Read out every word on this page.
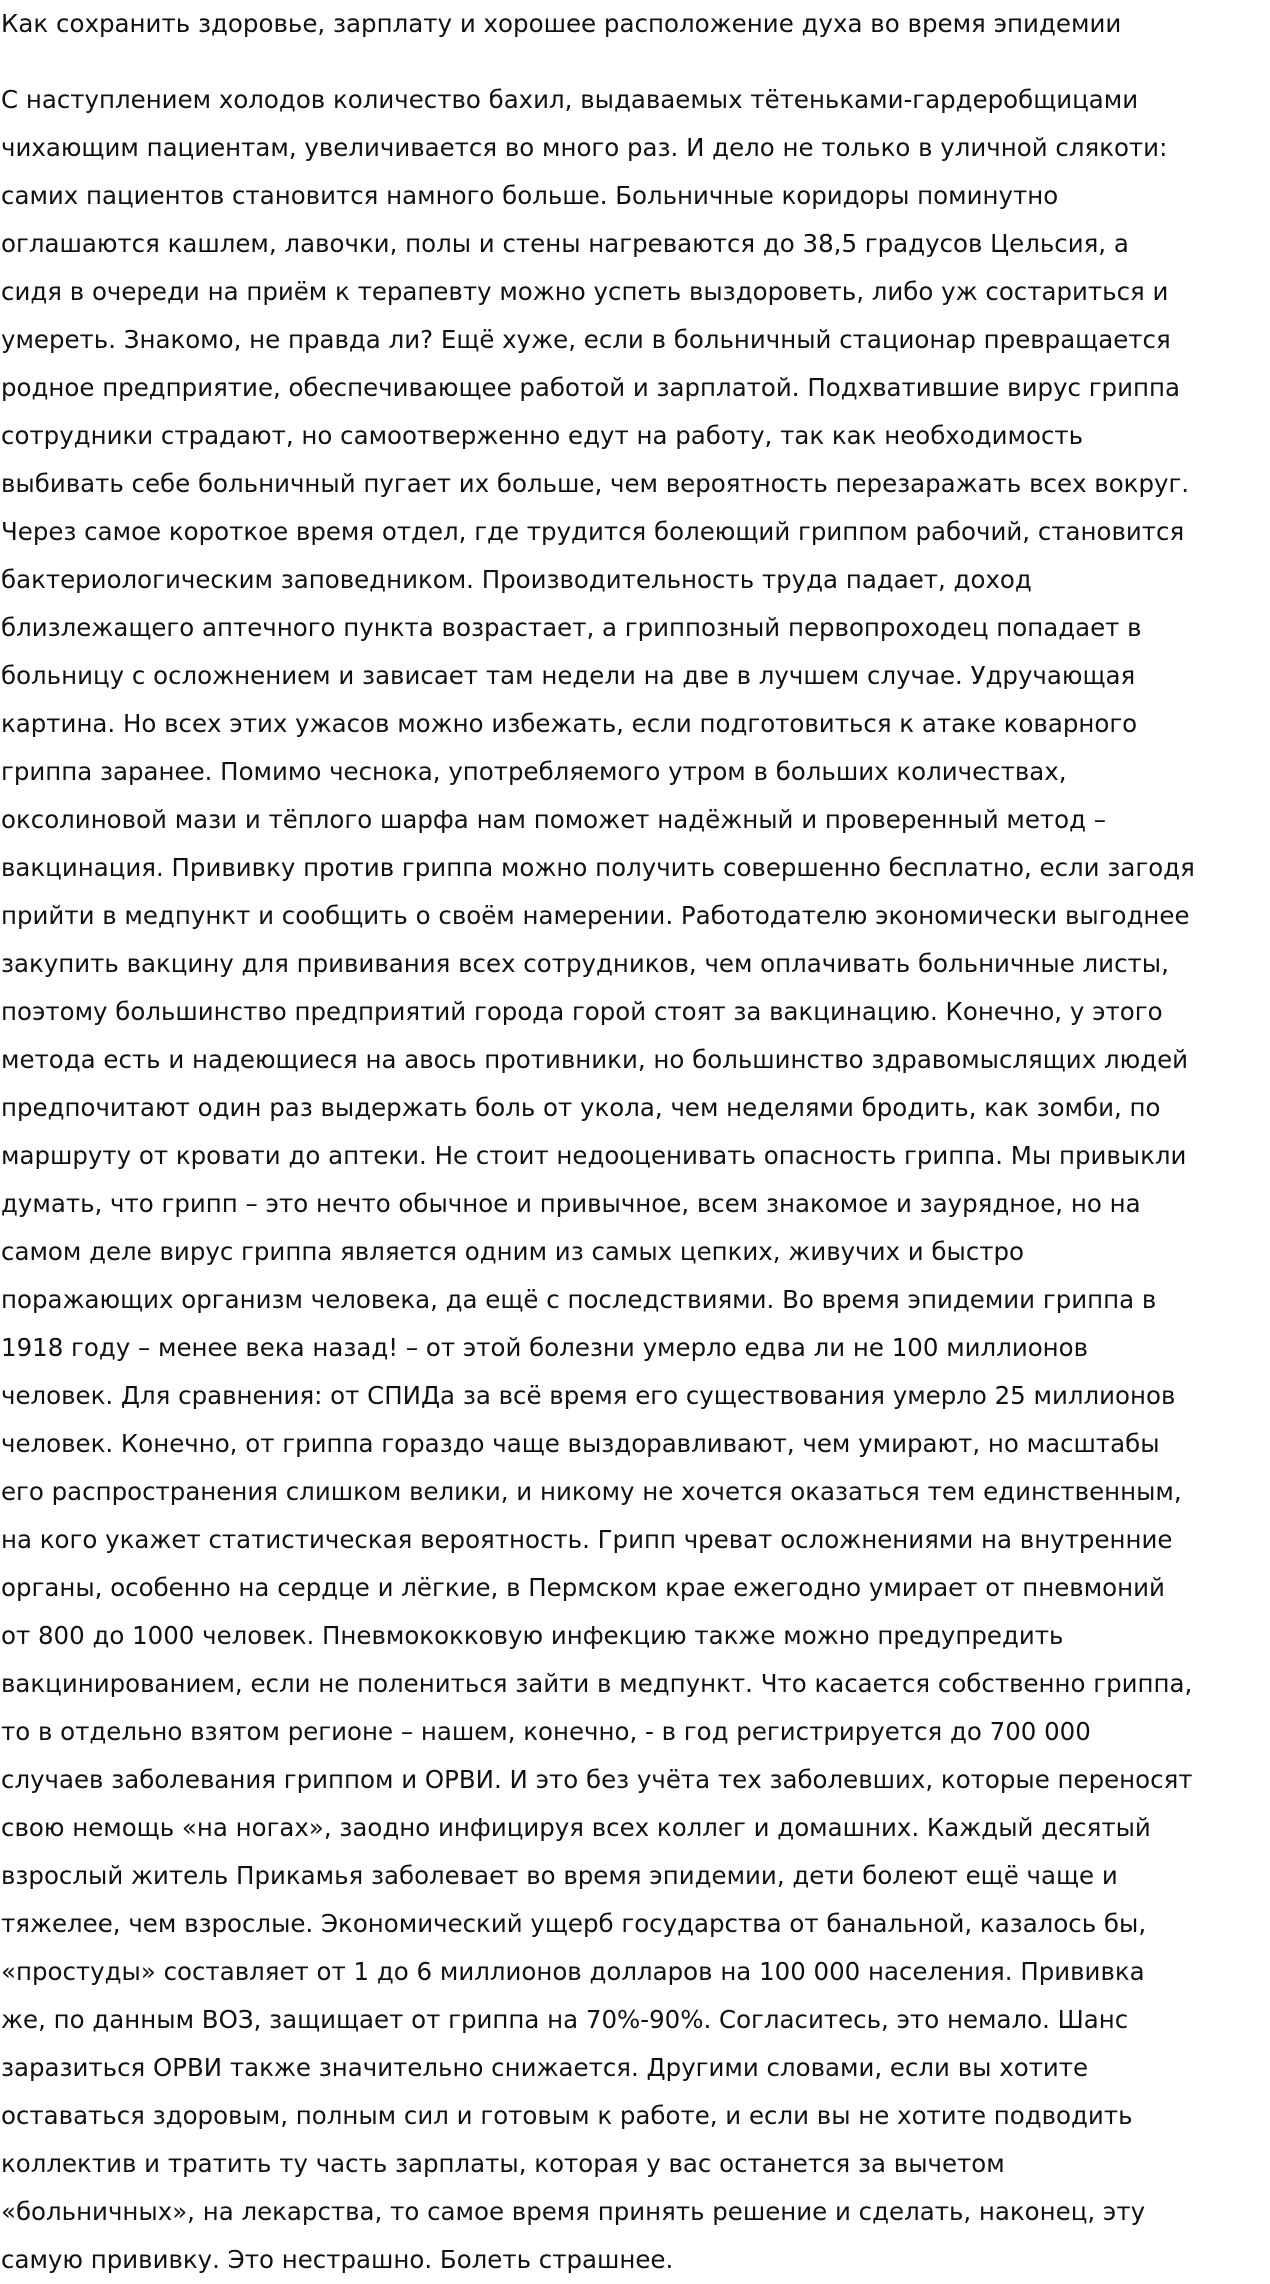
Как сохранить здоровье, зарплату и хорошее расположение духа во время эпидемии
С наступлением холодов количество бахил, выдаваемых тётеньками-гардеробщицами
чихающим пациентам, увеличивается во много раз. И дело не только в уличной слякоти:
самих пациентов становится намного больше. Больничные коридоры поминутно
оглашаются кашлем, лавочки, полы и стены нагреваются до 38,5 градусов Цельсия, а
сидя в очереди на приём к терапевту можно успеть выздороветь, либо уж состариться и
умереть. Знакомо, не правда ли? Ещё хуже, если в больничный стационар превращается
родное предприятие, обеспечивающее работой и зарплатой. Подхватившие вирус гриппа
сотрудники страдают, но самоотверженно едут на работу, так как необходимость
выбивать себе больничный пугает их больше, чем вероятность перезаражать всех вокруг.
Через самое короткое время отдел, где трудится болеющий гриппом рабочий, становится
бактериологическим заповедником. Производительность труда падает, доход
близлежащего аптечного пункта возрастает, а гриппозный первопроходец попадает в
больницу с осложнением и зависает там недели на две в лучшем случае. Удручающая
картина. Но всех этих ужасов можно избежать, если подготовиться к атаке коварного
гриппа заранее. Помимо чеснока, употребляемого утром в больших количествах,
оксолиновой мази и тёплого шарфа нам поможет надёжный и проверенный метод –
вакцинация. Прививку против гриппа можно получить совершенно бесплатно, если загодя
прийти в медпункт и сообщить о своём намерении. Работодателю экономически выгоднее
закупить вакцину для прививания всех сотрудников, чем оплачивать больничные листы,
поэтому большинство предприятий города горой стоят за вакцинацию. Конечно, у этого
метода есть и надеющиеся на авось противники, но большинство здравомыслящих людей
предпочитают один раз выдержать боль от укола, чем неделями бродить, как зомби, по
маршруту от кровати до аптеки. Не стоит недооценивать опасность гриппа. Мы привыкли
думать, что грипп – это нечто обычное и привычное, всем знакомое и заурядное, но на
самом деле вирус гриппа является одним из самых цепких, живучих и быстро
поражающих организм человека, да ещё с последствиями. Во время эпидемии гриппа в
1918 году – менее века назад! – от этой болезни умерло едва ли не 100 миллионов
человек. Для сравнения: от СПИДа за всё время его существования умерло 25 миллионов
человек. Конечно, от гриппа гораздо чаще выздоравливают, чем умирают, но масштабы
его распространения слишком велики, и никому не хочется оказаться тем единственным,
на кого укажет статистическая вероятность. Грипп чреват осложнениями на внутренние
органы, особенно на сердце и лёгкие, в Пермском крае ежегодно умирает от пневмоний
от 800 до 1000 человек. Пневмококковую инфекцию также можно предупредить
вакцинированием, если не полениться зайти в медпункт. Что касается собственно гриппа,
то в отдельно взятом регионе – нашем, конечно, - в год регистрируется до 700 000
случаев заболевания гриппом и ОРВИ. И это без учёта тех заболевших, которые переносят
свою немощь «на ногах», заодно инфицируя всех коллег и домашних. Каждый десятый
взрослый житель Прикамья заболевает во время эпидемии, дети болеют ещё чаще и
тяжелее, чем взрослые. Экономический ущерб государства от банальной, казалось бы,
«простуды» составляет от 1 до 6 миллионов долларов на 100 000 населения. Прививка
же, по данным ВОЗ, защищает от гриппа на 70%-90%. Согласитесь, это немало. Шанс
заразиться ОРВИ также значительно снижается. Другими словами, если вы хотите
оставаться здоровым, полным сил и готовым к работе, и если вы не хотите подводить
коллектив и тратить ту часть зарплаты, которая у вас останется за вычетом
«больничных», на лекарства, то самое время принять решение и сделать, наконец, эту
самую прививку. Это нестрашно. Болеть страшнее.
